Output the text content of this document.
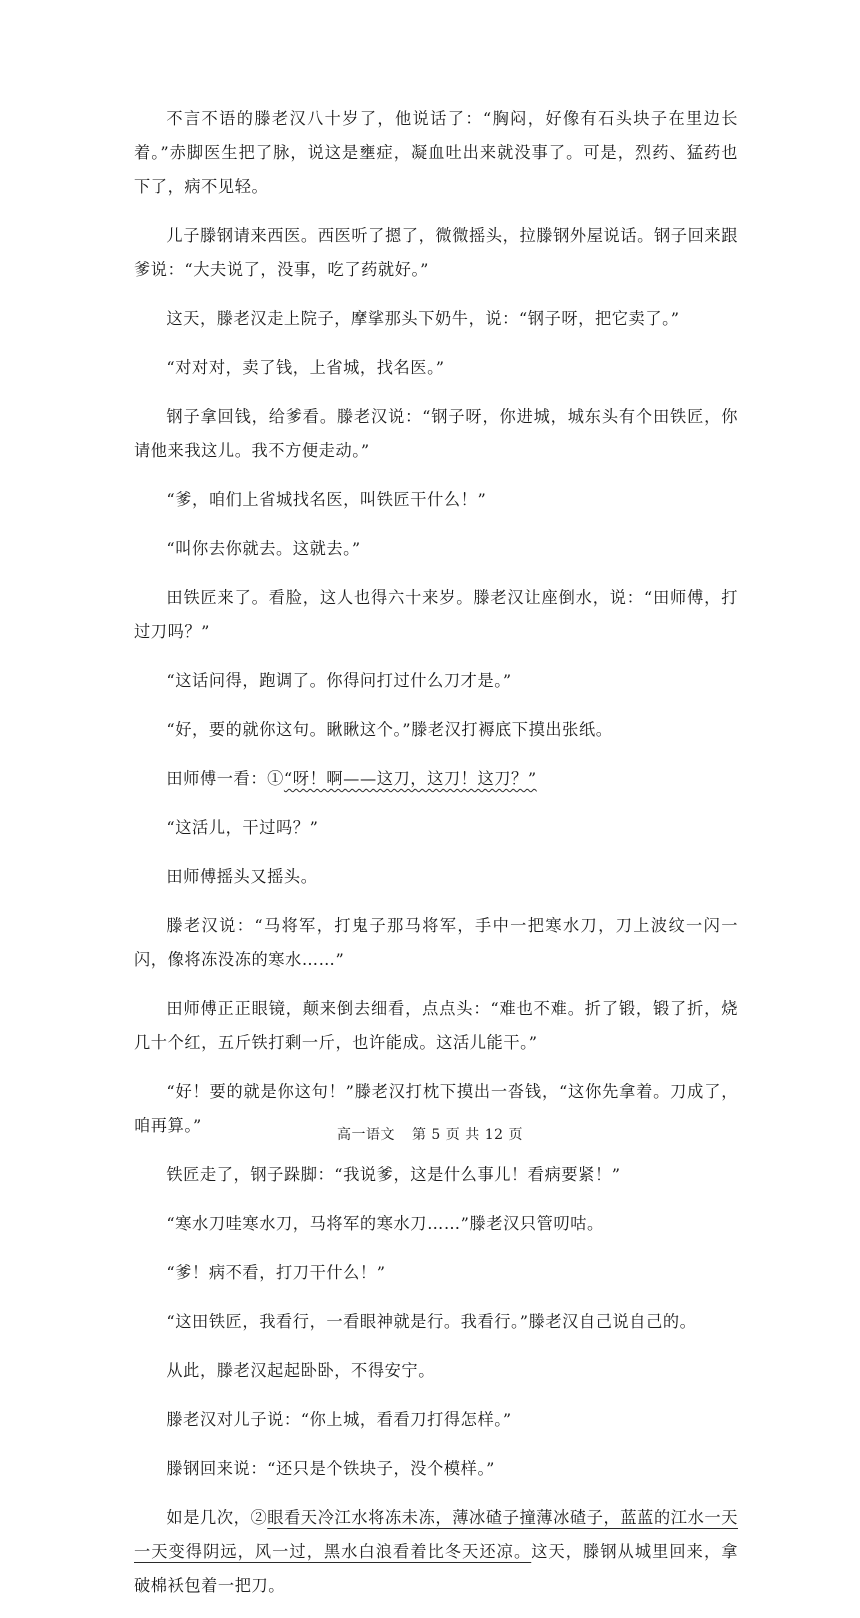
不言不语的滕老汉八十岁了，他说话了：“胸闷，好像有石头块子在里边长着。”赤脚医生把了脉，说这是壅症，凝血吐出来就没事了。可是，烈药、猛药也下了，病不见轻。

儿子滕钢请来西医。西医听了摁了，微微摇头，拉滕钢外屋说话。钢子回来跟爹说：“大夫说了，没事，吃了药就好。”

这天，滕老汉走上院子，摩挲那头下奶牛，说：“钢子呀，把它卖了。”

“对对对，卖了钱，上省城，找名医。”

钢子拿回钱，给爹看。滕老汉说：“钢子呀，你进城，城东头有个田铁匠，你请他来我这儿。我不方便走动。”

“爹，咱们上省城找名医，叫铁匠干什么！”

“叫你去你就去。这就去。”

田铁匠来了。看脸，这人也得六十来岁。滕老汉让座倒水，说：“田师傅，打过刀吗？”

“这话问得，跑调了。你得问打过什么刀才是。”

“好，要的就你这句。瞅瞅这个。”滕老汉打褥底下摸出张纸。

田师傅一看：①“呀！啊——这刀，这刀！这刀？”

“这活儿，干过吗？”

田师傅摇头又摇头。

滕老汉说：“马将军，打鬼子那马将军，手中一把寒水刀，刀上波纹一闪一闪，像将冻没冻的寒水……”

田师傅正正眼镜，颠来倒去细看，点点头：“难也不难。折了锻，锻了折，烧几十个红，五斤铁打剩一斤，也许能成。这活儿能干。”

“好！要的就是你这句！”滕老汉打枕下摸出一沓钱，“这你先拿着。刀成了，咱再算。”

铁匠走了，钢子跺脚：“我说爹，这是什么事儿！看病要紧！”

“寒水刀哇寒水刀，马将军的寒水刀……”滕老汉只管叨咕。

“爹！病不看，打刀干什么！”

“这田铁匠，我看行，一看眼神就是行。我看行。”滕老汉自己说自己的。

从此，滕老汉起起卧卧，不得安宁。

滕老汉对儿子说：“你上城，看看刀打得怎样。”

滕钢回来说：“还只是个铁块子，没个模样。”

如是几次，②眼看天冷江水将冻未冻，薄冰碴子撞薄冰碴子，蓝蓝的江水一天一天变得阴远，风一过，黑水白浪看着比冬天还凉。这天，滕钢从城里回来，拿破棉袄包着一把刀。

高一语文 第 5 页 共 12 页
